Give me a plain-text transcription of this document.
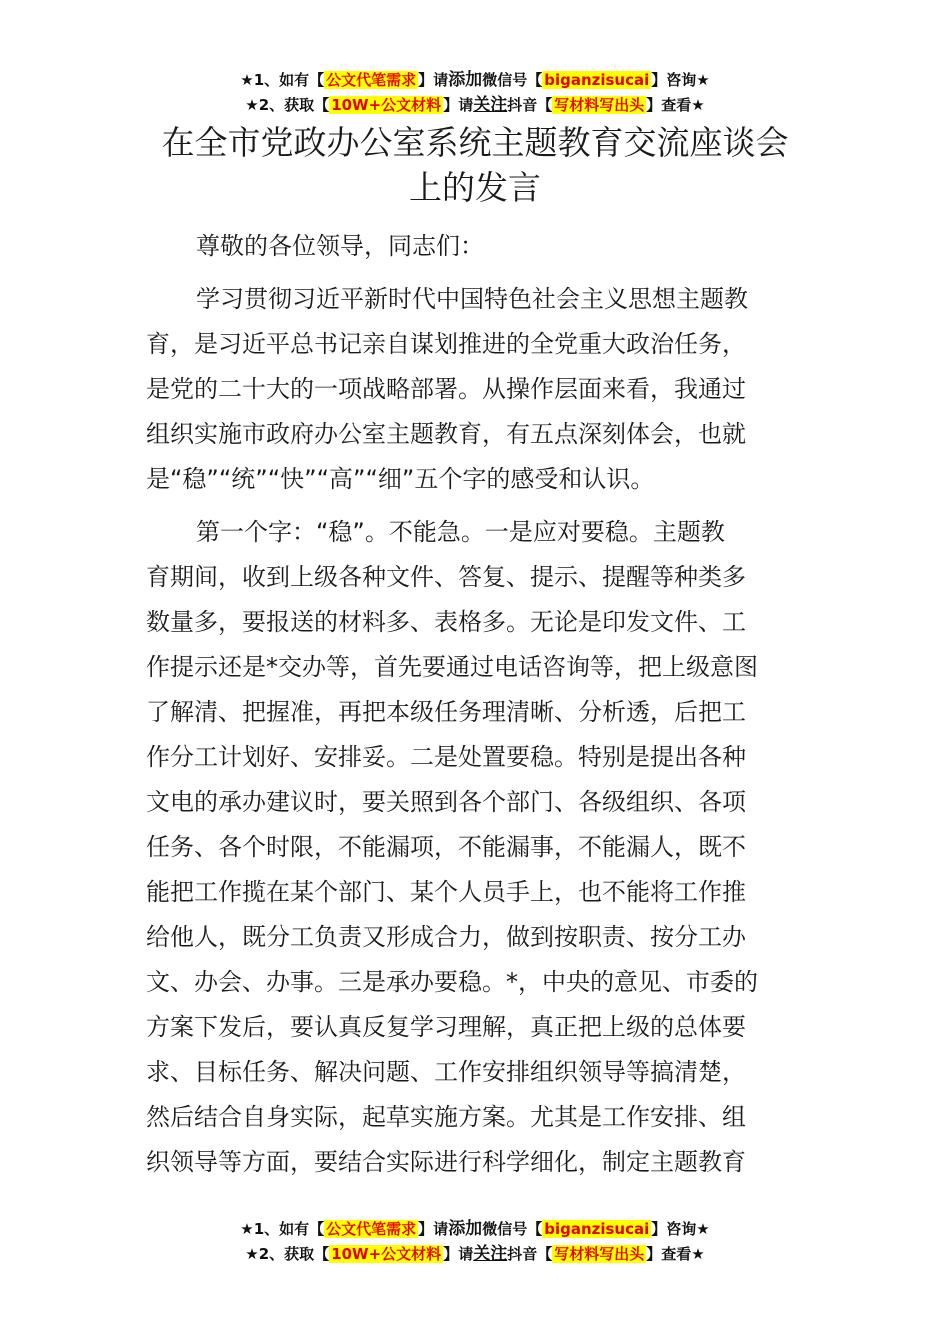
★1、如有【 公文代笔需求 】请添加微信号【 biganzisucai 】咨询★
★2、获取【 10W+公文材料 】请关注抖音【 写材料写出头 】查看★
在全市党政办公室系统主题教育交流座谈会
上的发言
尊敬的各位领导，同志们：
学习贯彻习近平新时代中国特色社会主义思想主题教
育，是习近平总书记亲自谋划推进的全党重大政治任务，
是党的二十大的一项战略部署。从操作层面来看，我通过
组织实施市政府办公室主题教育，有五点深刻体会，也就
是“稳”“统”“快”“高”“细”五个字的感受和认识。
第一个字：“稳”。不能急。一是应对要稳。主题教
育期间，收到上级各种文件、答复、提示、提醒等种类多
数量多，要报送的材料多、表格多。无论是印发文件、工
作提示还是*交办等，首先要通过电话咨询等，把上级意图
了解清、把握准，再把本级任务理清晰、分析透，后把工
作分工计划好、安排妥。二是处置要稳。特别是提出各种
文电的承办建议时，要关照到各个部门、各级组织、各项
任务、各个时限，不能漏项，不能漏事，不能漏人，既不
能把工作揽在某个部门、某个人员手上，也不能将工作推
给他人，既分工负责又形成合力，做到按职责、按分工办
文、办会、办事。三是承办要稳。*，中央的意见、市委的
方案下发后，要认真反复学习理解，真正把上级的总体要
求、目标任务、解决问题、工作安排组织领导等搞清楚，
然后结合自身实际，起草实施方案。尤其是工作安排、组
织领导等方面，要结合实际进行科学细化，制定主题教育
★1、如有【 公文代笔需求 】请添加微信号【 biganzisucai 】咨询★
★2、获取【 10W+公文材料 】请关注抖音【 写材料写出头 】查看★
